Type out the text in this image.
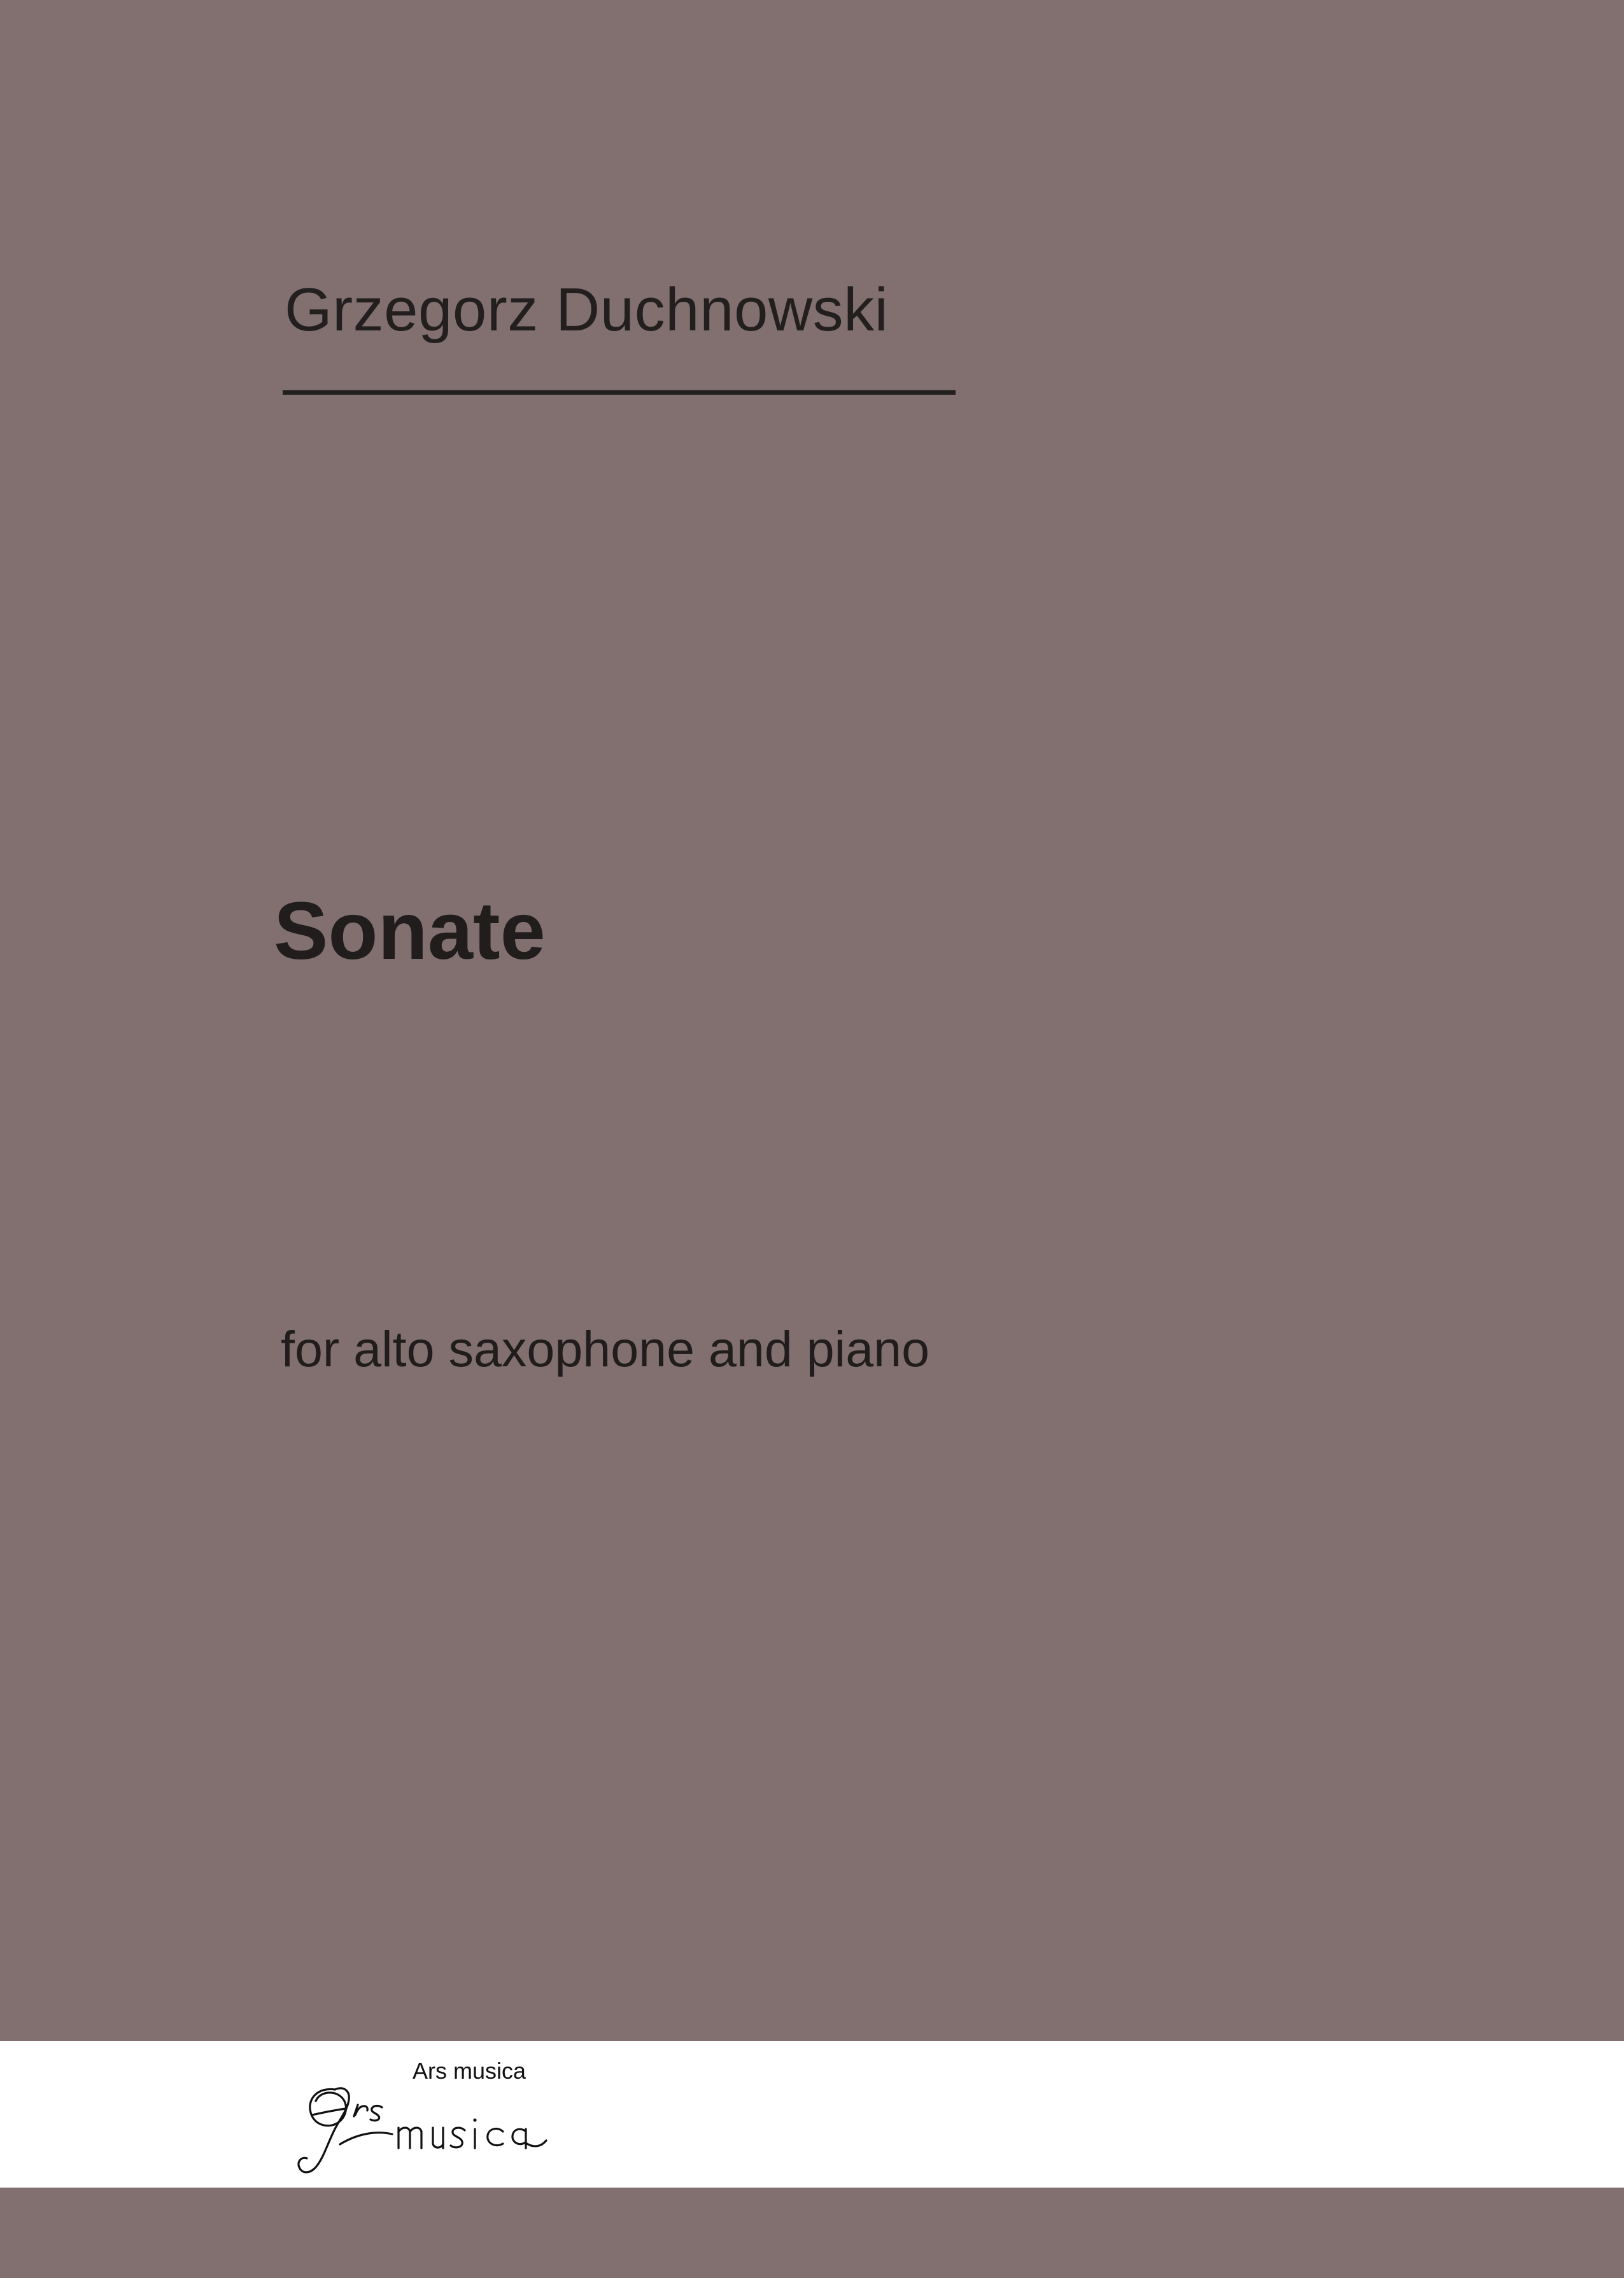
Grzegorz Duchnowski
Sonate
for alto saxophone and piano
Ars musica
